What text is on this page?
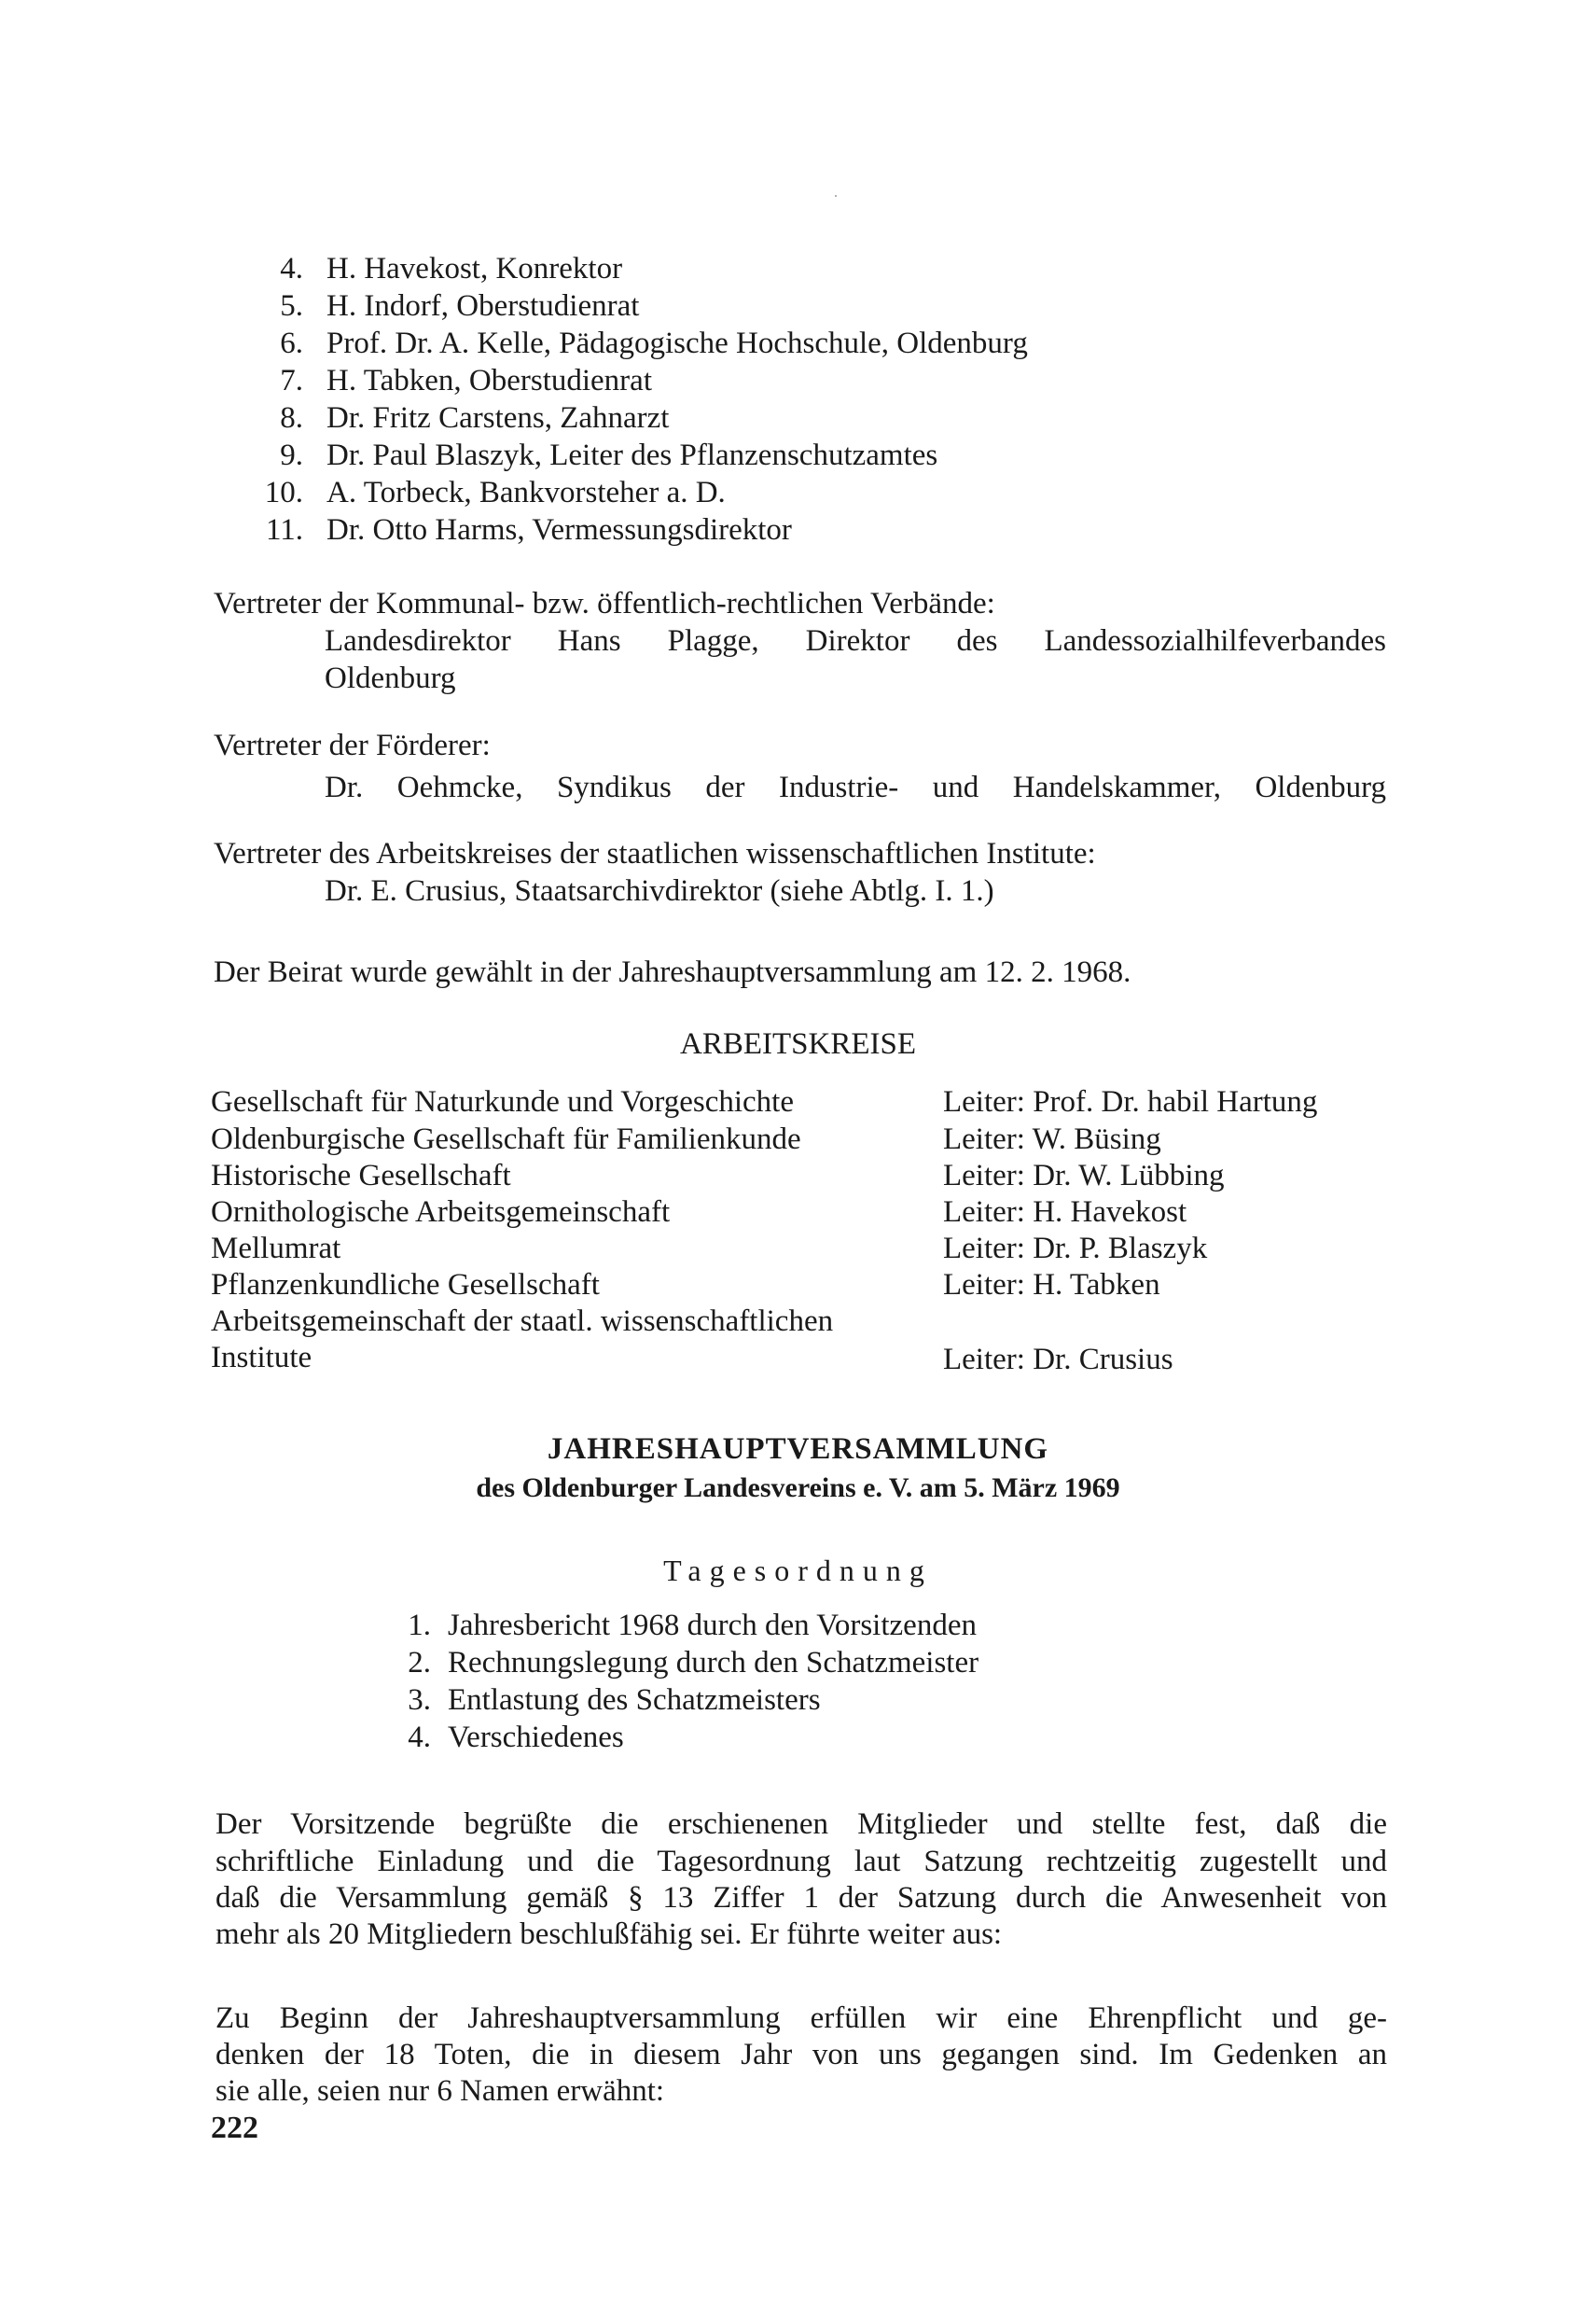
4. H. Havekost, Konrektor
5. H. Indorf, Oberstudienrat
6. Prof. Dr. A. Kelle, Pädagogische Hochschule, Oldenburg
7. H. Tabken, Oberstudienrat
8. Dr. Fritz Carstens, Zahnarzt
9. Dr. Paul Blaszyk, Leiter des Pflanzenschutzamtes
10. A. Torbeck, Bankvorsteher a. D.
11. Dr. Otto Harms, Vermessungsdirektor
Vertreter der Kommunal- bzw. öffentlich-rechtlichen Verbände:
Landesdirektor Hans Plagge, Direktor des Landessozialhilfeverbandes
Oldenburg
Vertreter der Förderer:
Dr. Oehmcke, Syndikus der Industrie- und Handelskammer, Oldenburg
Vertreter des Arbeitskreises der staatlichen wissenschaftlichen Institute:
Dr. E. Crusius, Staatsarchivdirektor (siehe Abtlg. I. 1.)
Der Beirat wurde gewählt in der Jahreshauptversammlung am 12. 2. 1968.
ARBEITSKREISE
Gesellschaft für Naturkunde und Vorgeschichte	Leiter: Prof. Dr. habil Hartung
Oldenburgische Gesellschaft für Familienkunde	Leiter: W. Büsing
Historische Gesellschaft	Leiter: Dr. W. Lübbing
Ornithologische Arbeitsgemeinschaft	Leiter: H. Havekost
Mellumrat	Leiter: Dr. P. Blaszyk
Pflanzenkundliche Gesellschaft	Leiter: H. Tabken
Arbeitsgemeinschaft der staatl. wissenschaftlichen
Institute	Leiter: Dr. Crusius
JAHRESHAUPTVERSAMMLUNG
des Oldenburger Landesvereins e. V. am 5. März 1969
Tagesordnung
1. Jahresbericht 1968 durch den Vorsitzenden
2. Rechnungslegung durch den Schatzmeister
3. Entlastung des Schatzmeisters
4. Verschiedenes
Der Vorsitzende begrüßte die erschienenen Mitglieder und stellte fest, daß die
schriftliche Einladung und die Tagesordnung laut Satzung rechtzeitig zugestellt und
daß die Versammlung gemäß § 13 Ziffer 1 der Satzung durch die Anwesenheit von
mehr als 20 Mitgliedern beschlußfähig sei. Er führte weiter aus:
Zu Beginn der Jahreshauptversammlung erfüllen wir eine Ehrenpflicht und ge-
denken der 18 Toten, die in diesem Jahr von uns gegangen sind. Im Gedenken an
sie alle, seien nur 6 Namen erwähnt:
222
